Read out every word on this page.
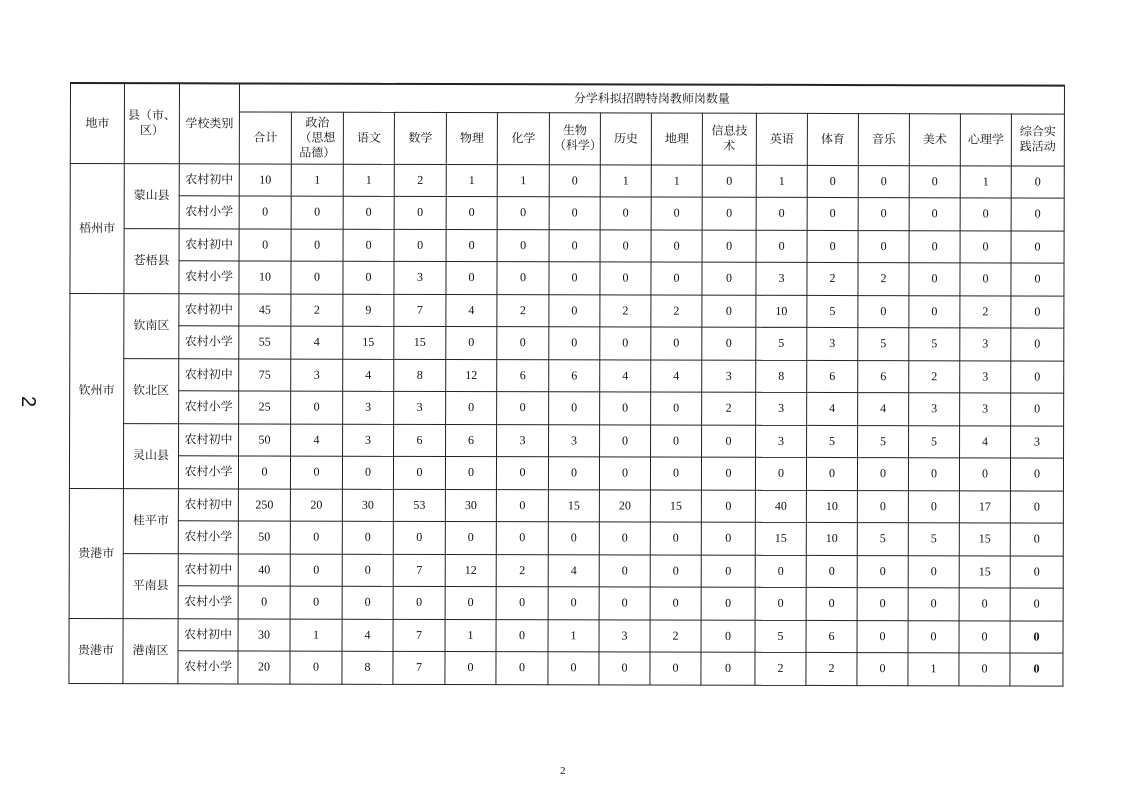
2
地市	县（市、区）	学校类别	分学科拟招聘特岗教师岗数量															
			合计	政治（思想品德）	语文	数学	物理	化学	生物（科学）	历史	地理	信息技术	英语	体育	音乐	美术	心理学	综合实践活动
梧州市	蒙山县	农村初中	10	1	1	2	1	1	0	1	1	0	1	0	0	0	1	0
		农村小学	0	0	0	0	0	0	0	0	0	0	0	0	0	0	0	0
	苍梧县	农村初中	0	0	0	0	0	0	0	0	0	0	0	0	0	0	0	0
		农村小学	10	0	0	3	0	0	0	0	0	0	3	2	2	0	0	0
钦州市	钦南区	农村初中	45	2	9	7	4	2	0	2	2	0	10	5	0	0	2	0
		农村小学	55	4	15	15	0	0	0	0	0	0	5	3	5	5	3	0
	钦北区	农村初中	75	3	4	8	12	6	6	4	4	3	8	6	6	2	3	0
		农村小学	25	0	3	3	0	0	0	0	0	2	3	4	4	3	3	0
	灵山县	农村初中	50	4	3	6	6	3	3	0	0	0	3	5	5	5	4	3
		农村小学	0	0	0	0	0	0	0	0	0	0	0	0	0	0	0	0
贵港市	桂平市	农村初中	250	20	30	53	30	0	15	20	15	0	40	10	0	0	17	0
		农村小学	50	0	0	0	0	0	0	0	0	0	15	10	5	5	15	0
	平南县	农村初中	40	0	0	7	12	2	4	0	0	0	0	0	0	0	15	0
		农村小学	0	0	0	0	0	0	0	0	0	0	0	0	0	0	0	0
贵港市	港南区	农村初中	30	1	4	7	1	0	1	3	2	0	5	6	0	0	0	0
		农村小学	20	0	8	7	0	0	0	0	0	0	2	2	0	1	0	0
2
